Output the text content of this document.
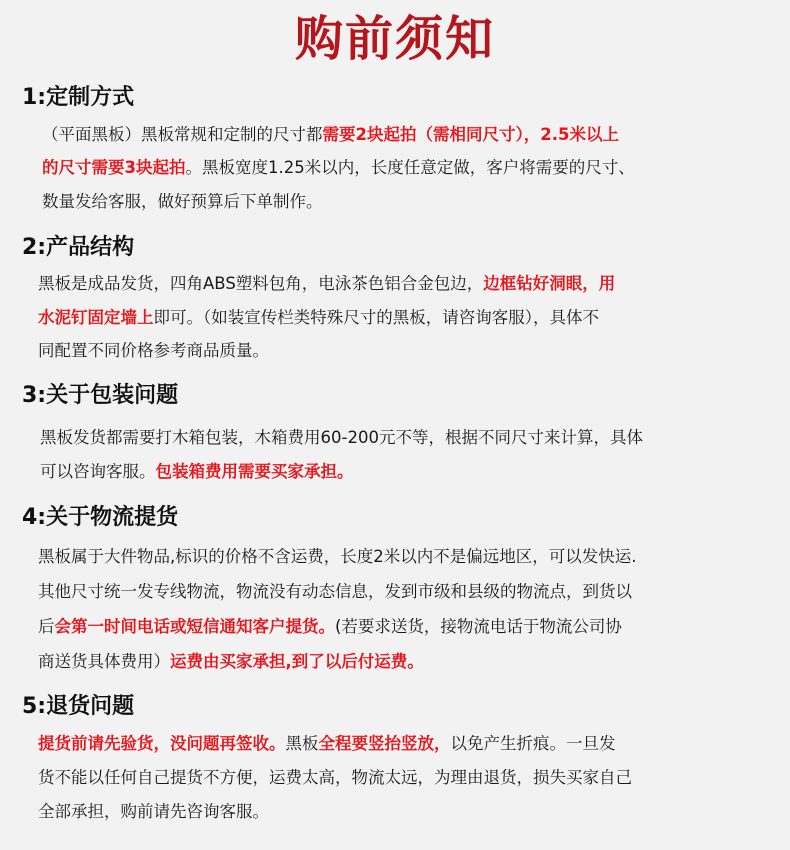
购前须知
1:定制方式
（平面黑板）黑板常规和定制的尺寸都需要2块起拍（需相同尺寸），2.5米以上
的尺寸需要3块起拍。黑板宽度1.25米以内，长度任意定做，客户将需要的尺寸、
数量发给客服，做好预算后下单制作。
2:产品结构
黑板是成品发货，四角ABS塑料包角，电泳茶色铝合金包边，边框钻好洞眼，用
水泥钉固定墙上即可。（如装宣传栏类特殊尺寸的黑板，请咨询客服），具体不
同配置不同价格参考商品质量。
3:关于包装问题
黑板发货都需要打木箱包装，木箱费用60-200元不等，根据不同尺寸来计算，具体
可以咨询客服。包装箱费用需要买家承担。
4:关于物流提货
黑板属于大件物品,标识的价格不含运费，长度2米以内不是偏远地区，可以发快运.
其他尺寸统一发专线物流，物流没有动态信息，发到市级和县级的物流点，到货以
后会第一时间电话或短信通知客户提货。(若要求送货，接物流电话于物流公司协
商送货具体费用）运费由买家承担,到了以后付运费。
5:退货问题
提货前请先验货，没问题再签收。黑板全程要竖抬竖放，以免产生折痕。一旦发
货不能以任何自己提货不方便，运费太高，物流太远，为理由退货，损失买家自己
全部承担，购前请先咨询客服。
